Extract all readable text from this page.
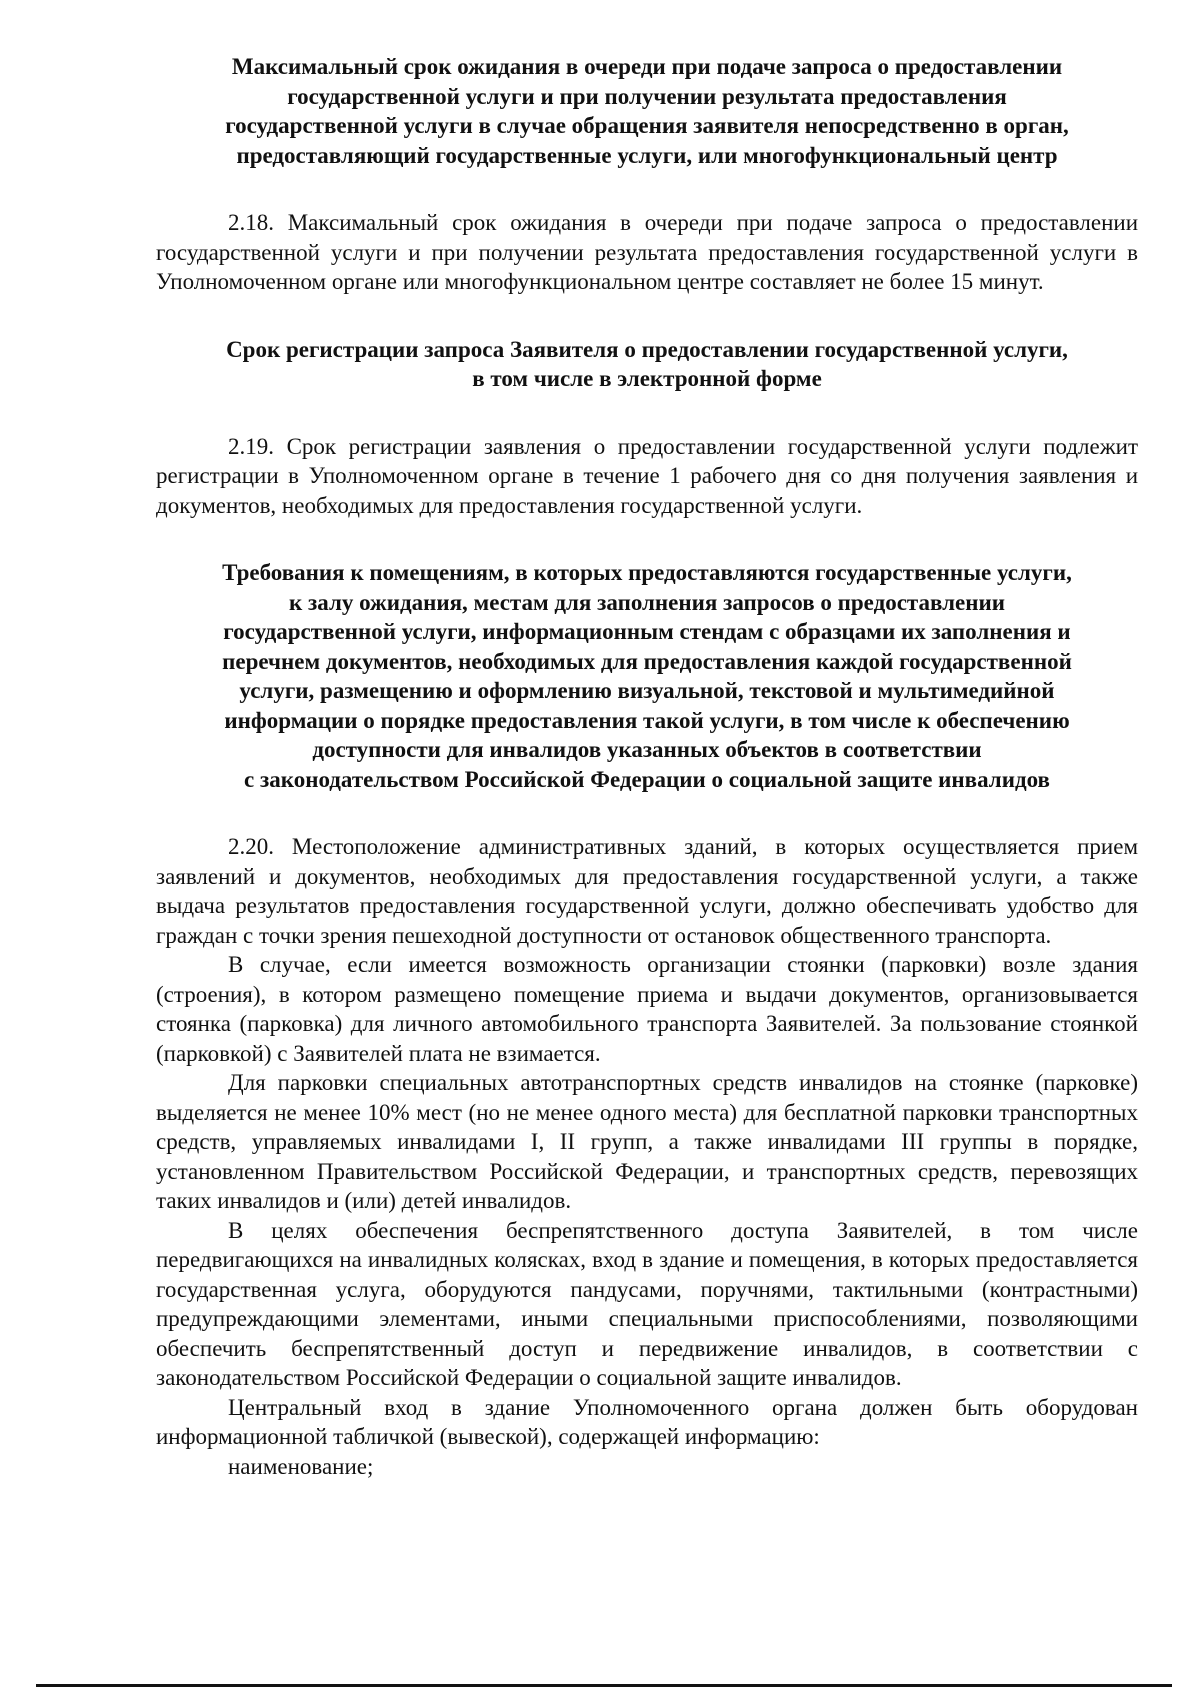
Максимальный срок ожидания в очереди при подаче запроса о предоставлении
государственной услуги и при получении результата предоставления
государственной услуги в случае обращения заявителя непосредственно в орган,
предоставляющий государственные услуги, или многофункциональный центр

2.18. Максимальный срок ожидания в очереди при подаче запроса о предоставлении государственной услуги и при получении результата предоставления государственной услуги в Уполномоченном органе или многофункциональном центре составляет не более 15 минут.

Срок регистрации запроса Заявителя о предоставлении государственной услуги,
в том числе в электронной форме

2.19. Срок регистрации заявления о предоставлении государственной услуги подлежит регистрации в Уполномоченном органе в течение 1 рабочего дня со дня получения заявления и документов, необходимых для предоставления государственной услуги.

Требования к помещениям, в которых предоставляются государственные услуги,
к залу ожидания, местам для заполнения запросов о предоставлении
государственной услуги, информационным стендам с образцами их заполнения и
перечнем документов, необходимых для предоставления каждой государственной
услуги, размещению и оформлению визуальной, текстовой и мультимедийной
информации о порядке предоставления такой услуги, в том числе к обеспечению
доступности для инвалидов указанных объектов в соответствии
с законодательством Российской Федерации о социальной защите инвалидов

2.20. Местоположение административных зданий, в которых осуществляется прием заявлений и документов, необходимых для предоставления государственной услуги, а также выдача результатов предоставления государственной услуги, должно обеспечивать удобство для граждан с точки зрения пешеходной доступности от остановок общественного транспорта.

В случае, если имеется возможность организации стоянки (парковки) возле здания (строения), в котором размещено помещение приема и выдачи документов, организовывается стоянка (парковка) для личного автомобильного транспорта Заявителей. За пользование стоянкой (парковкой) с Заявителей плата не взимается.

Для парковки специальных автотранспортных средств инвалидов на стоянке (парковке) выделяется не менее 10% мест (но не менее одного места) для бесплатной парковки транспортных средств, управляемых инвалидами I, II групп, а также инвалидами III группы в порядке, установленном Правительством Российской Федерации, и транспортных средств, перевозящих таких инвалидов и (или) детей инвалидов.

В целях обеспечения беспрепятственного доступа Заявителей, в том числе передвигающихся на инвалидных колясках, вход в здание и помещения, в которых предоставляется государственная услуга, оборудуются пандусами, поручнями, тактильными (контрастными) предупреждающими элементами, иными специальными приспособлениями, позволяющими обеспечить беспрепятственный доступ и передвижение инвалидов, в соответствии с законодательством Российской Федерации о социальной защите инвалидов.

Центральный вход в здание Уполномоченного органа должен быть оборудован информационной табличкой (вывеской), содержащей информацию:

наименование;
